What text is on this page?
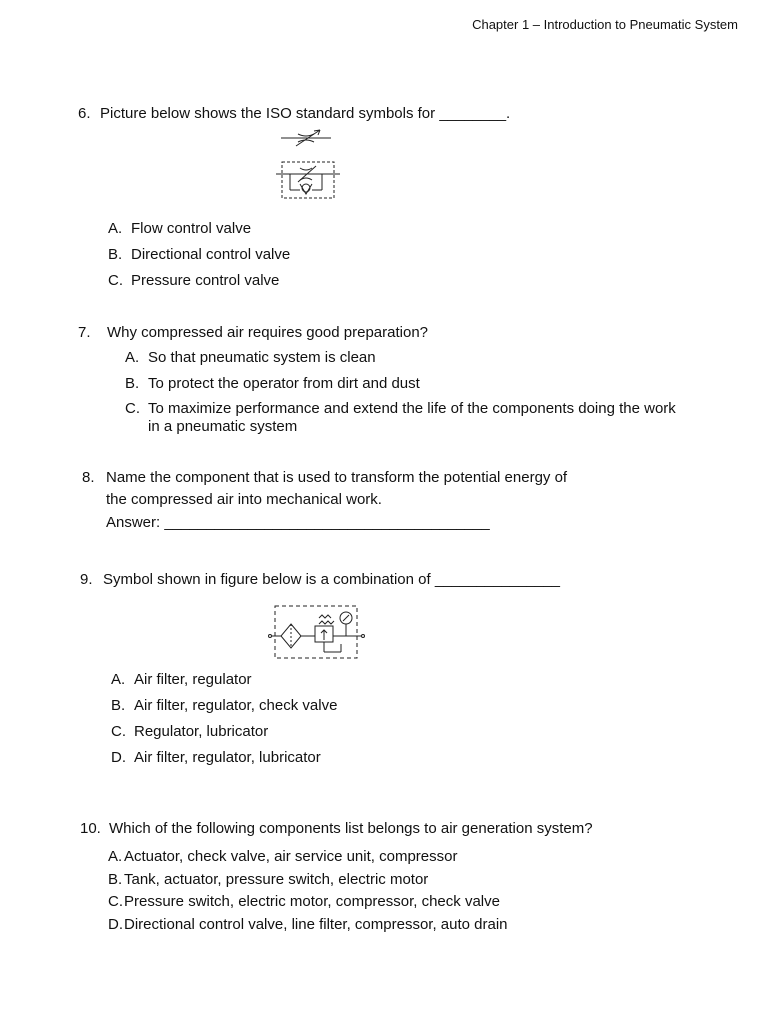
Chapter 1 – Introduction to Pneumatic System
6. Picture below shows the ISO standard symbols for ________.
A. Flow control valve
B. Directional control valve
C. Pressure control valve
7. Why compressed air requires good preparation?
A. So that pneumatic system is clean
B. To protect the operator from dirt and dust
C. To maximize performance and extend the life of the components doing the work
in a pneumatic system
8. Name the component that is used to transform the potential energy of
the compressed air into mechanical work.
Answer: _______________________________________
9. Symbol shown in figure below is a combination of _______________
A. Air filter, regulator
B. Air filter, regulator, check valve
C. Regulator, lubricator
D. Air filter, regulator, lubricator
10. Which of the following components list belongs to air generation system?
A. Actuator, check valve, air service unit, compressor
B. Tank, actuator, pressure switch, electric motor
C. Pressure switch, electric motor, compressor, check valve
D. Directional control valve, line filter, compressor, auto drain
